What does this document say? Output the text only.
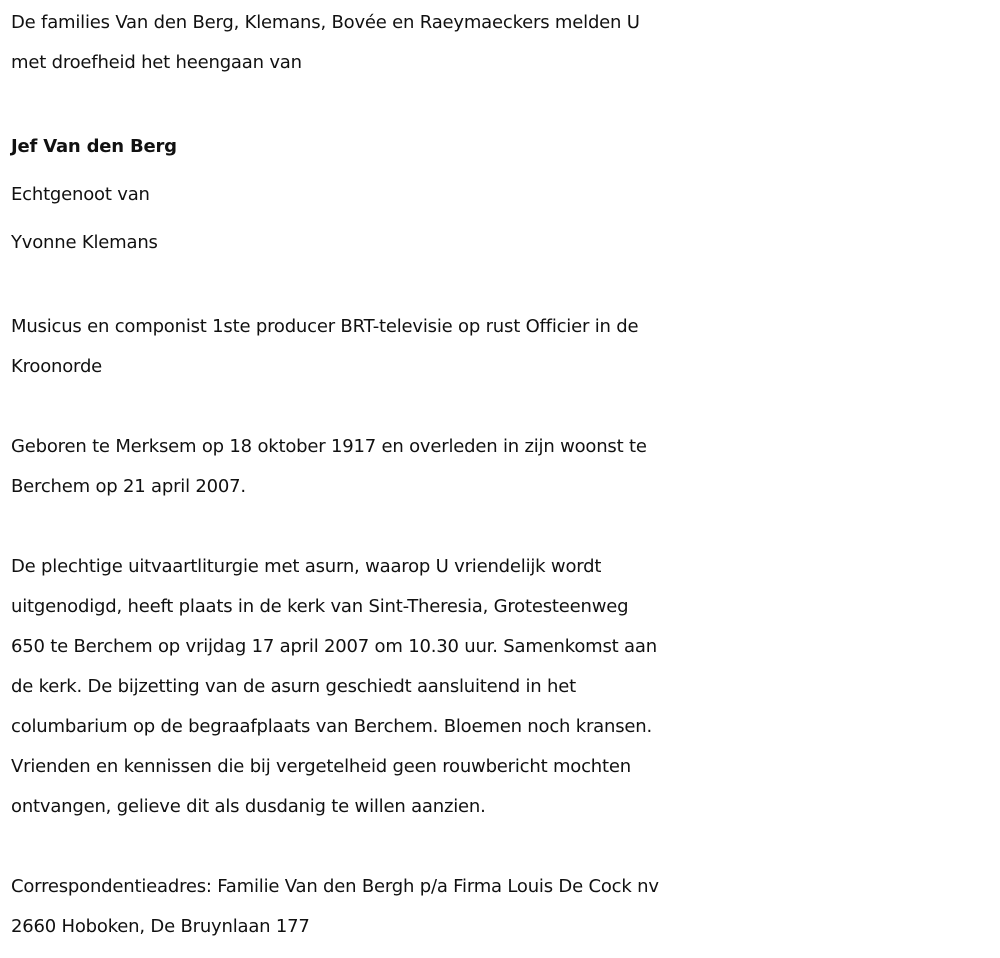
De families Van den Berg, Klemans, Bovée en Raeymaeckers melden U
met droefheid het heengaan van

Jef Van den Berg

Echtgenoot van

Yvonne Klemans

Musicus en componist 1ste producer BRT-televisie op rust Officier in de
Kroonorde

Geboren te Merksem op 18 oktober 1917 en overleden in zijn woonst te
Berchem op 21 april 2007.

De plechtige uitvaartliturgie met asurn, waarop U vriendelijk wordt
uitgenodigd, heeft plaats in de kerk van Sint-Theresia, Grotesteenweg
650 te Berchem op vrijdag 17 april 2007 om 10.30 uur. Samenkomst aan
de kerk. De bijzetting van de asurn geschiedt aansluitend in het
columbarium op de begraafplaats van Berchem. Bloemen noch kransen.
Vrienden en kennissen die bij vergetelheid geen rouwbericht mochten
ontvangen, gelieve dit als dusdanig te willen aanzien.

Correspondentieadres: Familie Van den Bergh p/a Firma Louis De Cock nv
2660 Hoboken, De Bruynlaan 177
